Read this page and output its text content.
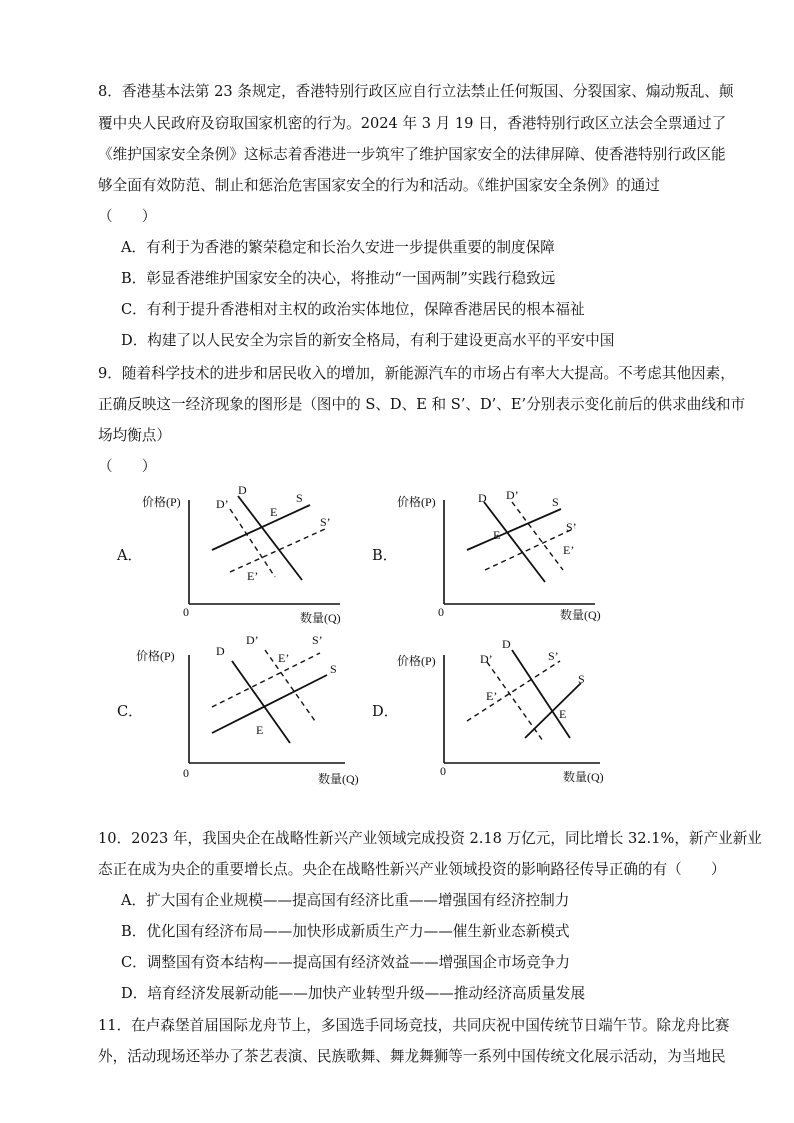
8．香港基本法第 23 条规定，香港特别行政区应自行立法禁止任何叛国、分裂国家、煽动叛乱、颠
覆中央人民政府及窃取国家机密的行为。2024 年 3 月 19 日，香港特别行政区立法会全票通过了
《维护国家安全条例》这标志着香港进一步筑牢了维护国家安全的法律屏障、使香港特别行政区能
够全面有效防范、制止和惩治危害国家安全的行为和活动。《维护国家安全条例》的通过
（　　）
A．有利于为香港的繁荣稳定和长治久安进一步提供重要的制度保障
B．彰显香港维护国家安全的决心，将推动“一国两制”实践行稳致远
C．有利于提升香港相对主权的政治实体地位，保障香港居民的根本福祉
D．构建了以人民安全为宗旨的新安全格局，有利于建设更高水平的平安中国
9．随着科学技术的进步和居民收入的增加，新能源汽车的市场占有率大大提高。不考虑其他因素，
正确反映这一经济现象的图形是（图中的 S、D、E 和 S’、D’、E’分别表示变化前后的供求曲线和市
场均衡点）
（　　）
A．
价格(P)
数量(Q)
0
D
D’
E
E’
S
S’
B．
价格(P)
数量(Q)
0
D D’
E
E’
S
S’
C．
价格(P)
数量(Q)
0
D
D’
E
E’
S
S’
D．
价格(P)
数量(Q)
0
D
D’
E
E’
S
S’
10．2023 年，我国央企在战略性新兴产业领域完成投资 2.18 万亿元，同比增长 32.1%，新产业新业
态正在成为央企的重要增长点。央企在战略性新兴产业领域投资的影响路径传导正确的有（　　）
A．扩大国有企业规模——提高国有经济比重——增强国有经济控制力
B．优化国有经济布局——加快形成新质生产力——催生新业态新模式
C．调整国有资本结构——提高国有经济效益——增强国企市场竞争力
D．培育经济发展新动能——加快产业转型升级——推动经济高质量发展
11．在卢森堡首届国际龙舟节上，多国选手同场竞技，共同庆祝中国传统节日端午节。除龙舟比赛
外，活动现场还举办了茶艺表演、民族歌舞、舞龙舞狮等一系列中国传统文化展示活动，为当地民
